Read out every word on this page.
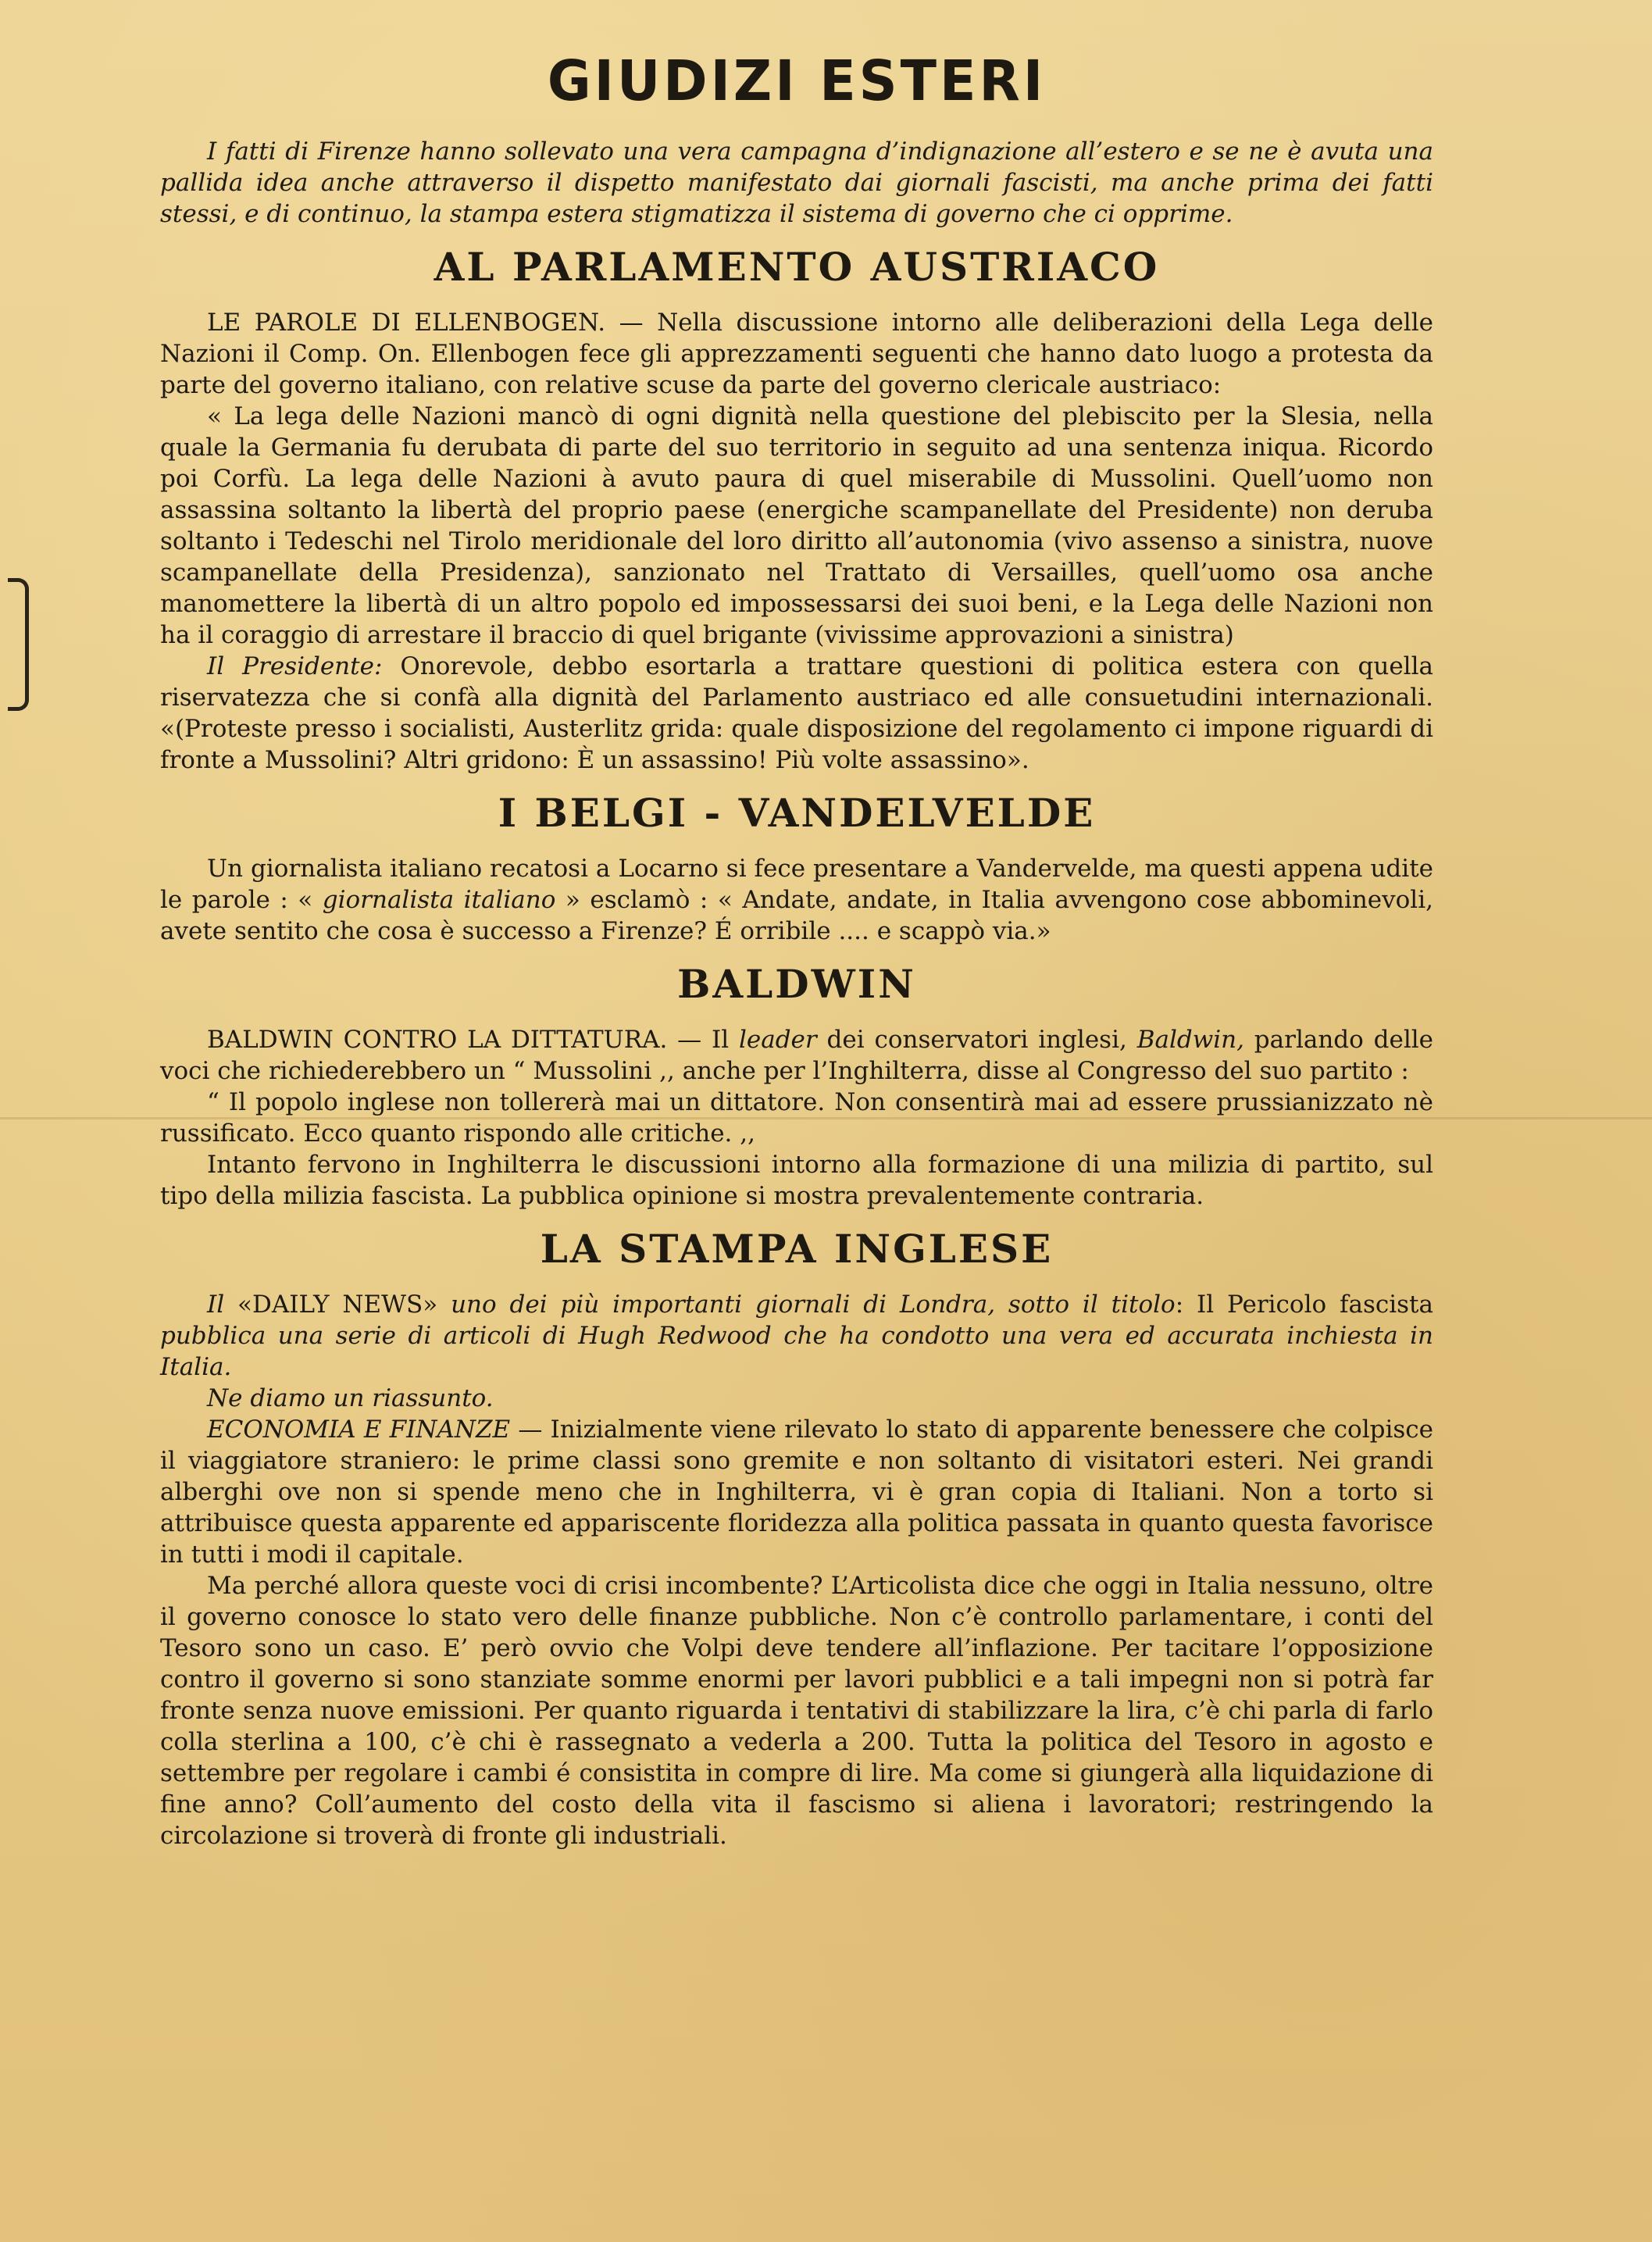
GIUDIZI ESTERI

I fatti di Firenze hanno sollevato una vera campagna d’indignazione all’estero e se ne è avuta una pallida idea anche attraverso il dispetto manifestato dai giornali fascisti, ma anche prima dei fatti stessi, e di continuo, la stampa estera stigmatizza il sistema di governo che ci opprime.

AL PARLAMENTO AUSTRIACO

LE PAROLE DI ELLENBOGEN. — Nella discussione intorno alle deliberazioni della Lega delle Nazioni il Comp. On. Ellenbogen fece gli apprezzamenti seguenti che hanno dato luogo a protesta da parte del governo italiano, con relative scuse da parte del governo clericale austriaco:

« La lega delle Nazioni mancò di ogni dignità nella questione del plebiscito per la Slesia, nella quale la Germania fu derubata di parte del suo territorio in seguito ad una sentenza iniqua. Ricordo poi Corfù. La lega delle Nazioni à avuto paura di quel miserabile di Mussolini. Quell’uomo non assassina soltanto la libertà del proprio paese (energiche scampanellate del Presidente) non deruba soltanto i Tedeschi nel Tirolo meridionale del loro diritto all’autonomia (vivo assenso a sinistra, nuove scampanellate della Presidenza), sanzionato nel Trattato di Versailles, quell’uomo osa anche manomettere la libertà di un altro popolo ed impossessarsi dei suoi beni, e la Lega delle Nazioni non ha il coraggio di arrestare il braccio di quel brigante (vivissime approvazioni a sinistra)

Il Presidente: Onorevole, debbo esortarla a trattare questioni di politica estera con quella riservatezza che si confà alla dignità del Parlamento austriaco ed alle consuetudini internazionali. «(Proteste presso i socialisti, Austerlitz grida: quale disposizione del regolamento ci impone riguardi di fronte a Mussolini? Altri gridono: È un assassino! Più volte assassino».

I BELGI - VANDELVELDE

Un giornalista italiano recatosi a Locarno si fece presentare a Vandervelde, ma questi appena udite le parole : « giornalista italiano » esclamò : « Andate, andate, in Italia avvengono cose abbominevoli, avete sentito che cosa è successo a Firenze? É orribile .... e scappò via.»

BALDWIN

BALDWIN CONTRO LA DITTATURA. — Il leader dei conservatori inglesi, Baldwin, parlando delle voci che richiederebbero un “ Mussolini ,, anche per l’Inghilterra, disse al Congresso del suo partito :

“ Il popolo inglese non tollererà mai un dittatore. Non consentirà mai ad essere prussianizzato nè russificato. Ecco quanto rispondo alle critiche. ,,

Intanto fervono in Inghilterra le discussioni intorno alla formazione di una milizia di partito, sul tipo della milizia fascista. La pubblica opinione si mostra prevalentemente contraria.

LA STAMPA INGLESE

Il «DAILY NEWS» uno dei più importanti giornali di Londra, sotto il titolo: Il Pericolo fascista pubblica una serie di articoli di Hugh Redwood che ha condotto una vera ed accurata inchiesta in Italia.

Ne diamo un riassunto.

ECONOMIA E FINANZE — Inizialmente viene rilevato lo stato di apparente benessere che colpisce il viaggiatore straniero: le prime classi sono gremite e non soltanto di visitatori esteri. Nei grandi alberghi ove non si spende meno che in Inghilterra, vi è gran copia di Italiani. Non a torto si attribuisce questa apparente ed appariscente floridezza alla politica passata in quanto questa favorisce in tutti i modi il capitale.

Ma perché allora queste voci di crisi incombente? L’Articolista dice che oggi in Italia nessuno, oltre il governo conosce lo stato vero delle finanze pubbliche. Non c’è controllo parlamentare, i conti del Tesoro sono un caso. E’ però ovvio che Volpi deve tendere all’inflazione. Per tacitare l’opposizione contro il governo si sono stanziate somme enormi per lavori pubblici e a tali impegni non si potrà far fronte senza nuove emissioni. Per quanto riguarda i tentativi di stabilizzare la lira, c’è chi parla di farlo colla sterlina a 100, c’è chi è rassegnato a vederla a 200. Tutta la politica del Tesoro in agosto e settembre per regolare i cambi é consistita in compre di lire. Ma come si giungerà alla liquidazione di fine anno? Coll’aumento del costo della vita il fascismo si aliena i lavoratori; restringendo la circolazione si troverà di fronte gli industriali.
